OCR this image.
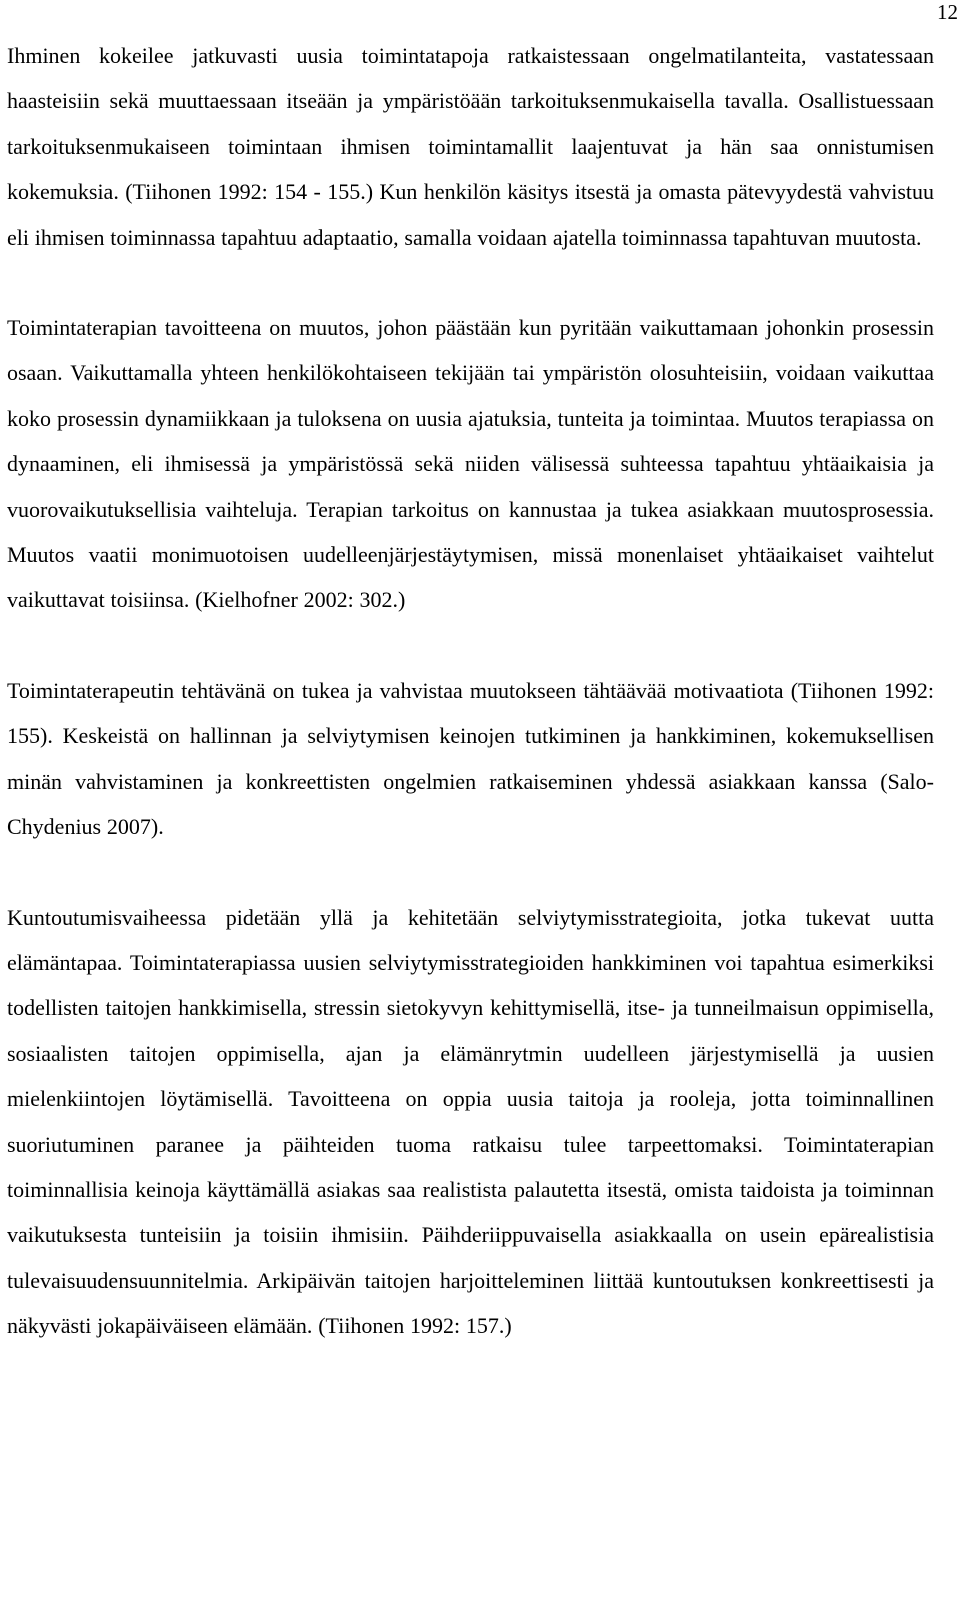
12

Ihminen kokeilee jatkuvasti uusia toimintatapoja ratkaistessaan ongelmatilanteita, vastatessaan haasteisiin sekä muuttaessaan itseään ja ympäristöään tarkoituksenmukaisella tavalla. Osallistuessaan tarkoituksenmukaiseen toimintaan ihmisen toimintamallit laajentuvat ja hän saa onnistumisen kokemuksia. (Tiihonen 1992: 154 - 155.) Kun henkilön käsitys itsestä ja omasta pätevyydestä vahvistuu eli ihmisen toiminnassa tapahtuu adaptaatio, samalla voidaan ajatella toiminnassa tapahtuvan muutosta.

Toimintaterapian tavoitteena on muutos, johon päästään kun pyritään vaikuttamaan johonkin prosessin osaan. Vaikuttamalla yhteen henkilökohtaiseen tekijään tai ympäristön olosuhteisiin, voidaan vaikuttaa koko prosessin dynamiikkaan ja tuloksena on uusia ajatuksia, tunteita ja toimintaa. Muutos terapiassa on dynaaminen, eli ihmisessä ja ympäristössä sekä niiden välisessä suhteessa tapahtuu yhtäaikaisia ja vuorovaikutuksellisia vaihteluja. Terapian tarkoitus on kannustaa ja tukea asiakkaan muutosprosessia. Muutos vaatii monimuotoisen uudelleenjärjestäytymisen, missä monenlaiset yhtäaikaiset vaihtelut vaikuttavat toisiinsa. (Kielhofner 2002: 302.)

Toimintaterapeutin tehtävänä on tukea ja vahvistaa muutokseen tähtäävää motivaatiota (Tiihonen 1992: 155). Keskeistä on hallinnan ja selviytymisen keinojen tutkiminen ja hankkiminen, kokemuksellisen minän vahvistaminen ja konkreettisten ongelmien ratkaiseminen yhdessä asiakkaan kanssa (Salo-Chydenius 2007).

Kuntoutumisvaiheessa pidetään yllä ja kehitetään selviytymisstrategioita, jotka tukevat uutta elämäntapaa. Toimintaterapiassa uusien selviytymisstrategioiden hankkiminen voi tapahtua esimerkiksi todellisten taitojen hankkimisella, stressin sietokyvyn kehittymisellä, itse- ja tunneilmaisun oppimisella, sosiaalisten taitojen oppimisella, ajan ja elämänrytmin uudelleen järjestymisellä ja uusien mielenkiintojen löytämisellä. Tavoitteena on oppia uusia taitoja ja rooleja, jotta toiminnallinen suoriutuminen paranee ja päihteiden tuoma ratkaisu tulee tarpeettomaksi. Toimintaterapian toiminnallisia keinoja käyttämällä asiakas saa realistista palautetta itsestä, omista taidoista ja toiminnan vaikutuksesta tunteisiin ja toisiin ihmisiin. Päihderiippuvaisella asiakkaalla on usein epärealistisia tulevaisuudensuunnitelmia. Arkipäivän taitojen harjoitteleminen liittää kuntoutuksen konkreettisesti ja näkyvästi jokapäiväiseen elämään. (Tiihonen 1992: 157.)
